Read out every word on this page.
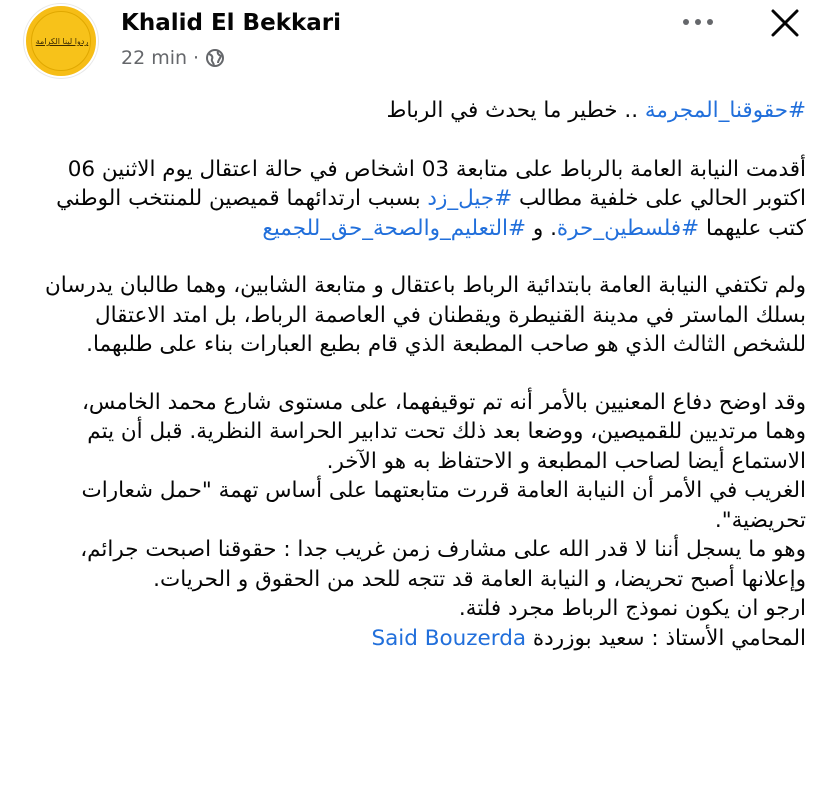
ردوا لينا الكرامة
Khalid El Bekkari
22 min ·

#حقوقنا_المجرمة .. خطير ما يحدث في الرباط

أقدمت النيابة العامة بالرباط على متابعة 03 اشخاص في حالة اعتقال يوم الاثنين 06 اكتوبر الحالي على خلفية مطالب #جيل_زد بسبب ارتدائهما قميصين للمنتخب الوطني كتب عليهما #فلسطين_حرة. و #التعليم_والصحة_حق_للجميع

ولم تكتفي النيابة العامة بابتدائية الرباط باعتقال و متابعة الشابين، وهما طالبان يدرسان بسلك الماستر في مدينة القنيطرة ويقطنان في العاصمة الرباط، بل امتد الاعتقال للشخص الثالث الذي هو صاحب المطبعة الذي قام بطبع العبارات بناء على طلبهما.

وقد اوضح دفاع المعنيين بالأمر أنه تم توقيفهما، على مستوى شارع محمد الخامس، وهما مرتديين للقميصين، ووضعا بعد ذلك تحت تدابير الحراسة النظرية. قبل أن يتم الاستماع أيضا لصاحب المطبعة و الاحتفاظ به هو الآخر.

الغريب في الأمر أن النيابة العامة قررت متابعتهما على أساس تهمة "حمل شعارات تحريضية".

وهو ما يسجل أننا لا قدر الله على مشارف زمن غريب جدا : حقوقنا اصبحت جرائم، وإعلانها أصبح تحريضا، و النيابة العامة قد تتجه للحد من الحقوق و الحريات.

ارجو ان يكون نموذج الرباط مجرد فلتة.

المحامي الأستاذ : سعيد بوزردة Said Bouzerda
